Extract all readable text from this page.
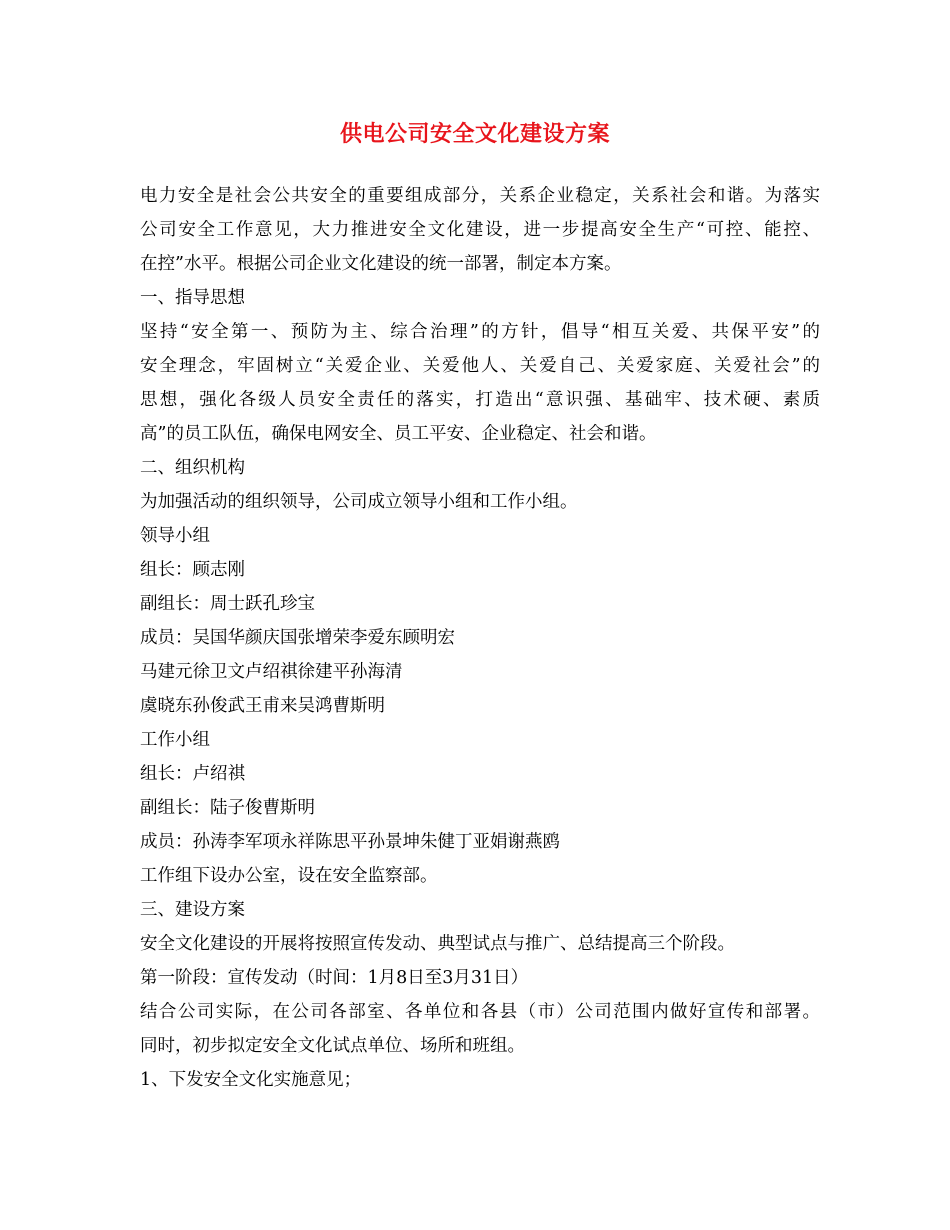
供电公司安全文化建设方案
电力安全是社会公共安全的重要组成部分，关系企业稳定，关系社会和谐。为落实
公司安全工作意见，大力推进安全文化建设，进一步提高安全生产“可控、能控、
在控”水平。根据公司企业文化建设的统一部署，制定本方案。
一、指导思想
坚持“安全第一、预防为主、综合治理”的方针，倡导“相互关爱、共保平安”的
安全理念，牢固树立“关爱企业、关爱他人、关爱自己、关爱家庭、关爱社会”的
思想，强化各级人员安全责任的落实，打造出“意识强、基础牢、技术硬、素质
高”的员工队伍，确保电网安全、员工平安、企业稳定、社会和谐。
二、组织机构
为加强活动的组织领导，公司成立领导小组和工作小组。
领导小组
组长：顾志刚
副组长：周士跃孔珍宝
成员：吴国华颜庆国张增荣李爱东顾明宏
马建元徐卫文卢绍祺徐建平孙海清
虞晓东孙俊武王甫来吴鸿曹斯明
工作小组
组长：卢绍祺
副组长：陆子俊曹斯明
成员：孙涛李军项永祥陈思平孙景坤朱健丁亚娟谢燕鸥
工作组下设办公室，设在安全监察部。
三、建设方案
安全文化建设的开展将按照宣传发动、典型试点与推广、总结提高三个阶段。
第一阶段：宣传发动（时间：1月8日至3月31日）
结合公司实际，在公司各部室、各单位和各县（市）公司范围内做好宣传和部署。
同时，初步拟定安全文化试点单位、场所和班组。
1、下发安全文化实施意见；
